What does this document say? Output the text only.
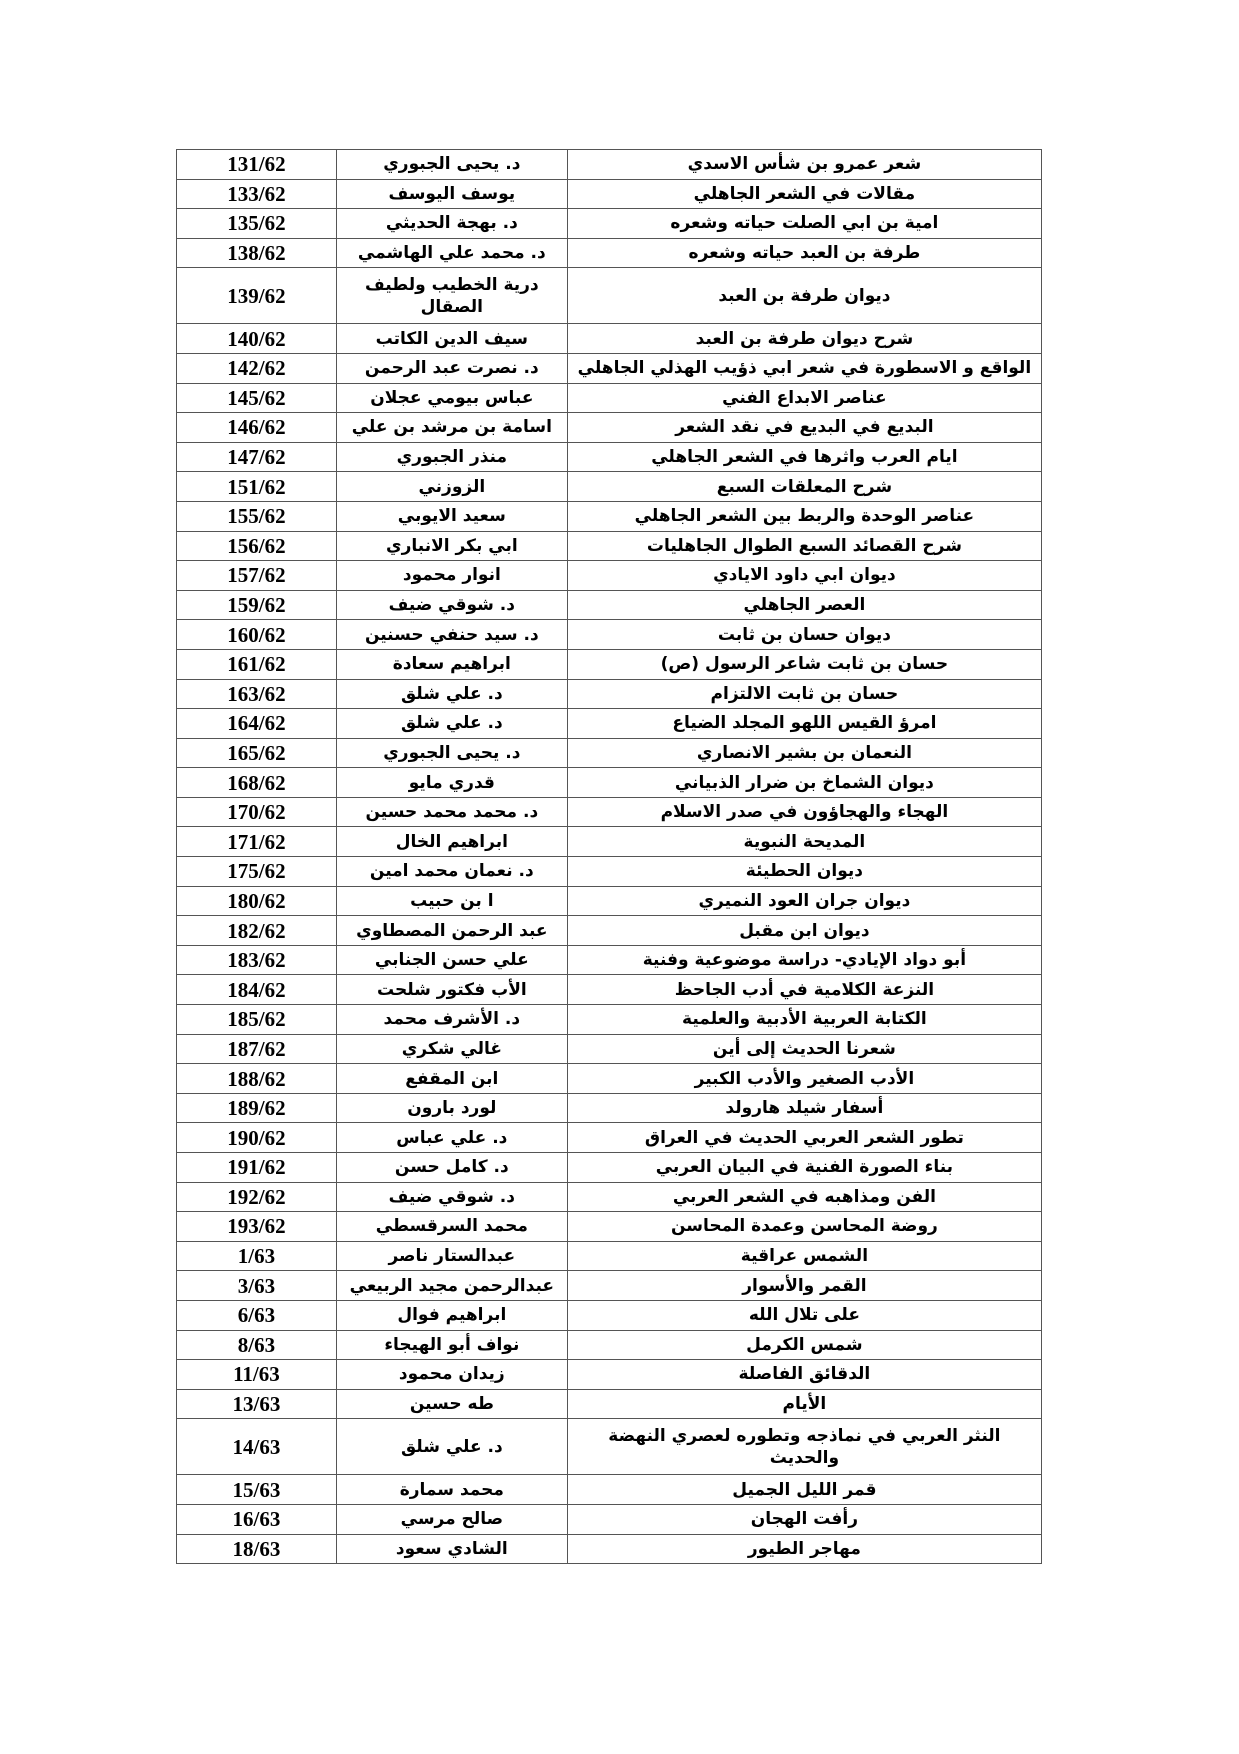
شعر عمرو بن شأس الاسدي	د. يحيى الجبوري	131/62
مقالات في الشعر الجاهلي	يوسف اليوسف	133/62
امية بن ابي الصلت حياته وشعره	د. بهجة الحديثي	135/62
طرفة بن العبد حياته وشعره	د. محمد علي الهاشمي	138/62
ديوان طرفة بن العبد	درية الخطيب ولطيف الصقال	139/62
شرح ديوان طرفة بن العبد	سيف الدين الكاتب	140/62
الواقع و الاسطورة في شعر ابي ذؤيب الهذلي الجاهلي	د. نصرت عبد الرحمن	142/62
عناصر الابداع الفني	عباس بيومي عجلان	145/62
البديع في البديع في نقد الشعر	اسامة بن مرشد بن علي	146/62
ايام العرب واثرها في الشعر الجاهلي	منذر الجبوري	147/62
شرح المعلقات السبع	الزوزني	151/62
عناصر الوحدة والربط بين الشعر الجاهلي	سعيد الايوبي	155/62
شرح القصائد السبع الطوال الجاهليات	ابي بكر الانباري	156/62
ديوان ابي داود الايادي	انوار محمود	157/62
العصر الجاهلي	د. شوقي ضيف	159/62
ديوان حسان بن ثابت	د. سيد حنفي حسنين	160/62
حسان بن ثابت شاعر الرسول (ص)	ابراهيم سعادة	161/62
حسان بن ثابت الالتزام	د. علي شلق	163/62
امرؤ القيس اللهو المجلد الضياع	د. علي شلق	164/62
النعمان بن بشير الانصاري	د. يحيى الجبوري	165/62
ديوان الشماخ بن ضرار الذبياني	قدري مايو	168/62
الهجاء والهجاؤون في صدر الاسلام	د. محمد محمد حسين	170/62
المديحة النبوية	ابراهيم الخال	171/62
ديوان الحطيئة	د. نعمان محمد امين	175/62
ديوان جران العود النميري	ا بن حبيب	180/62
ديوان ابن مقبل	عبد الرحمن المصطاوي	182/62
أبو دواد الإيادي- دراسة موضوعية وفنية	علي حسن الجنابي	183/62
النزعة الكلامية في أدب الجاحظ	الأب فكتور شلحت	184/62
الكتابة العربية الأدبية والعلمية	د. الأشرف محمد	185/62
شعرنا الحديث إلى أين	غالي شكري	187/62
الأدب الصغير والأدب الكبير	ابن المقفع	188/62
أسفار شيلد هارولد	لورد بارون	189/62
تطور الشعر العربي الحديث في العراق	د. علي عباس	190/62
بناء الصورة الفنية في البيان العربي	د. كامل حسن	191/62
الفن ومذاهبه في الشعر العربي	د. شوقي ضيف	192/62
روضة المحاسن وعمدة المحاسن	محمد السرقسطي	193/62
الشمس عراقية	عبدالستار ناصر	1/63
القمر والأسوار	عبدالرحمن مجيد الربيعي	3/63
على تلال الله	ابراهيم فوال	6/63
شمس الكرمل	نواف أبو الهيجاء	8/63
الدقائق الفاصلة	زيدان محمود	11/63
الأيام	طه حسين	13/63
النثر العربي في نماذجه وتطوره لعصري النهضة والحديث	د. علي شلق	14/63
قمر الليل الجميل	محمد سمارة	15/63
رأفت الهجان	صالح مرسي	16/63
مهاجر الطيور	الشادي سعود	18/63
